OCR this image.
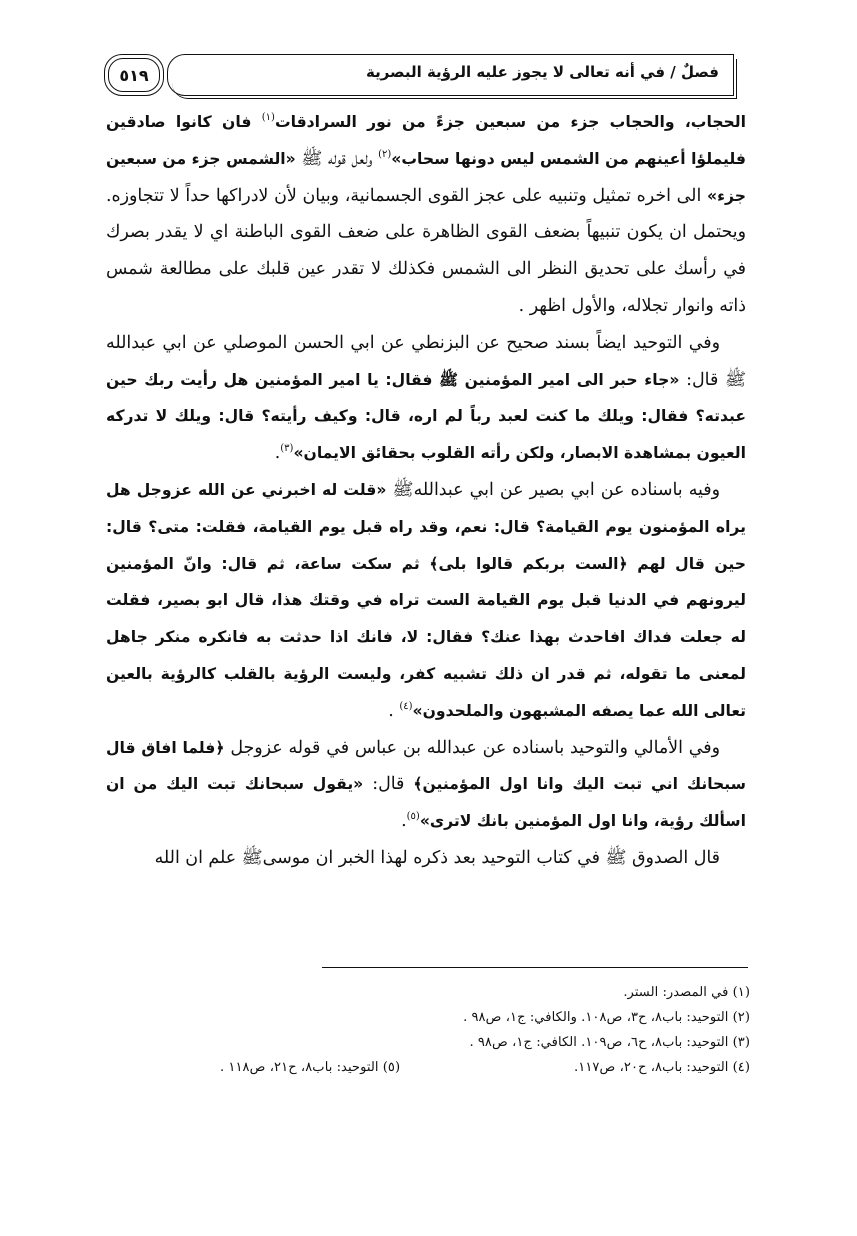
٥١٩	فصلٌ / في أنه تعالى لا يجوز عليه الرؤية البصرية

الحجاب، والحجاب جزء من سبعين جزءً من نور السرادقات$^{(١)}$ فان كانوا صادقين فليملؤا أعينهم من الشمس ليس دونها سحاب»$^{(٢)}$ ولعل قوله ﷺ «الشمس جزء من سبعين جزء» الى اخره تمثيل وتنبيه على عجز القوى الجسمانية، وبيان لأن لادراكها حداً لا تتجاوزه. ويحتمل ان يكون تنبيهاً بضعف القوى الظاهرة على ضعف القوى الباطنة اي لا يقدر بصرك في رأسك على تحديق النظر الى الشمس فكذلك لا تقدر عين قلبك على مطالعة شمس ذاته وانوار تجلاله، والأول اظهر .

وفي التوحيد ايضاً بسند صحيح عن البزنطي عن ابي الحسن الموصلي عن ابي عبدالله ﷺ قال: «جاء حبر الى امير المؤمنين ﷺ فقال: يا امير المؤمنين هل رأيت ربك حين عبدته؟ فقال: ويلك ما كنت لعبد رباً لم اره، قال: وكيف رأيته؟ قال: ويلك لا تدركه العيون بمشاهدة الابصار، ولكن رأته القلوب بحقائق الايمان»$^{(٣)}$.

وفيه باسناده عن ابي بصير عن ابي عبداللهﷺ «قلت له اخبرني عن الله عزوجل هل يراه المؤمنون يوم القيامة؟ قال: نعم، وقد راه قبل يوم القيامة، فقلت: متى؟ قال: حين قال لهم ﴿الست بربكم قالوا بلى﴾ ثم سكت ساعة، ثم قال: وانّ المؤمنين ليرونهم في الدنيا قبل يوم القيامة الست تراه في وقتك هذا، قال ابو بصير، فقلت له جعلت فداك افاحدث بهذا عنك؟ فقال: لا، فانك اذا حدثت به فانكره منكر جاهل لمعنى ما تقوله، ثم قدر ان ذلك تشبيه كفر، وليست الرؤية بالقلب كالرؤية بالعين تعالى الله عما يصفه المشبهون والملحدون»$^{(٤)}$ .

وفي الأمالي والتوحيد باسناده عن عبدالله بن عباس في قوله عزوجل ﴿فلما افاق قال سبحانك اني تبت اليك وانا اول المؤمنين﴾ قال: «يقول سبحانك تبت اليك من ان اسألك رؤية، وانا اول المؤمنين بانك لاترى»$^{(٥)}$.

قال الصدوق ﷺ في كتاب التوحيد بعد ذكره لهذا الخبر ان موسىﷺ علم ان الله

(١) في المصدر: الستر.

(٢) التوحيد: باب٨، ح٣، ص١٠٨. والكافي: ج١، ص٩٨ .

(٣) التوحيد: باب٨، ح٦، ص١٠٩. الكافي: ج١، ص٩٨ .

(٤) التوحيد: باب٨، ح٢٠، ص١١٧.
(٥) التوحيد: باب٨، ح٢١، ص١١٨ .
